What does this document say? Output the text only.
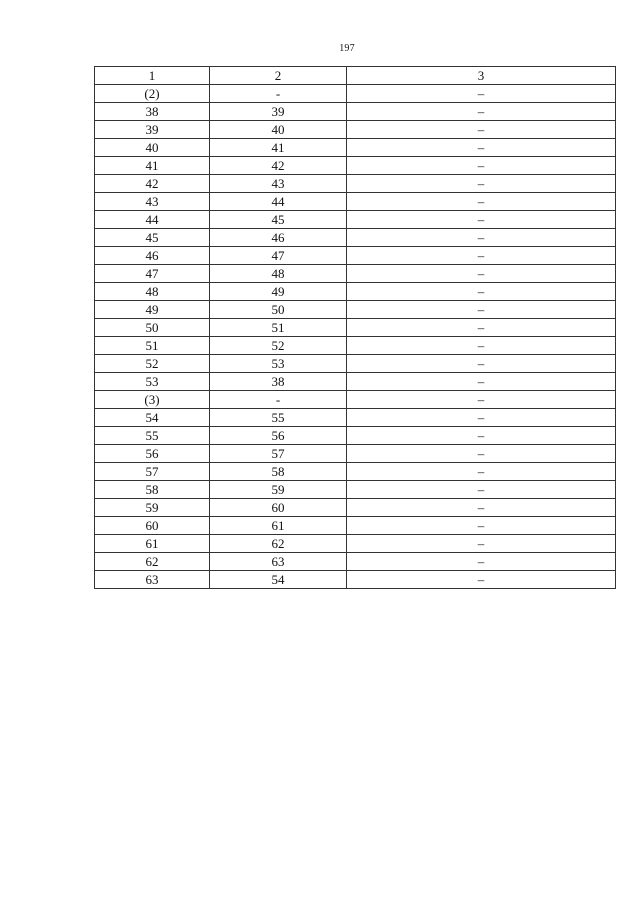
197
1	2	3
(2)	-	–
38	39	–
39	40	–
40	41	–
41	42	–
42	43	–
43	44	–
44	45	–
45	46	–
46	47	–
47	48	–
48	49	–
49	50	–
50	51	–
51	52	–
52	53	–
53	38	–
(3)	-	–
54	55	–
55	56	–
56	57	–
57	58	–
58	59	–
59	60	–
60	61	–
61	62	–
62	63	–
63	54	–
